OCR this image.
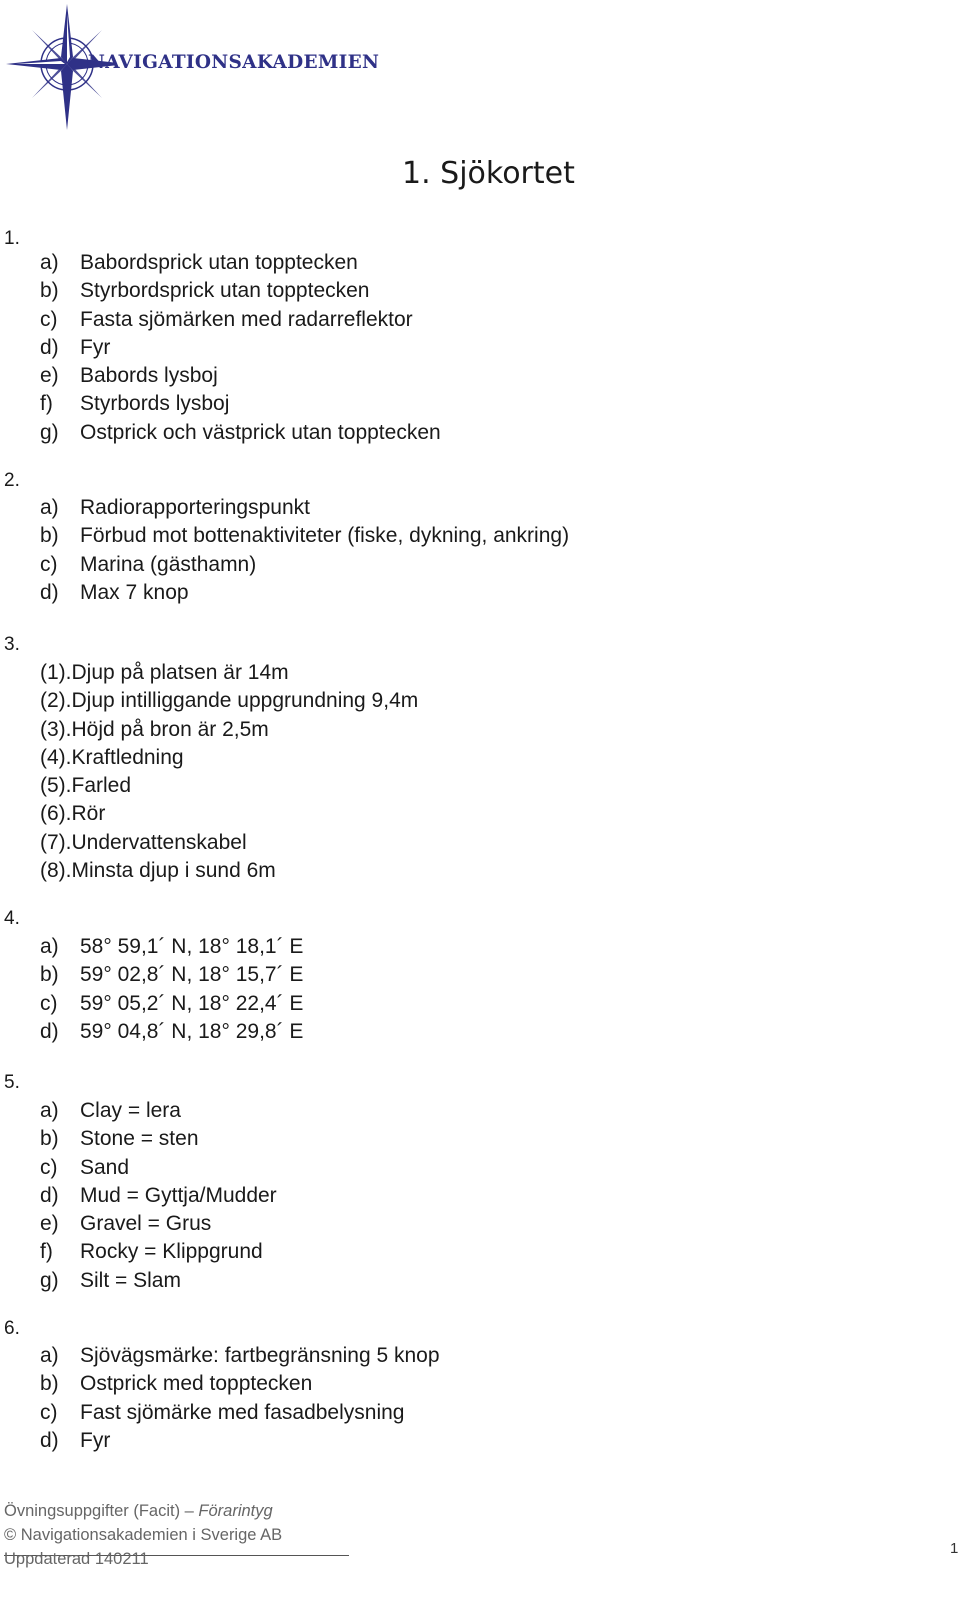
NAVIGATIONSAKADEMIEN
1. Sjökortet
1.
a) Babordsprick utan topptecken
b) Styrbordsprick utan topptecken
c) Fasta sjömärken med radarreflektor
d) Fyr
e) Babords lysboj
f) Styrbords lysboj
g) Ostprick och västprick utan topptecken
2.
a) Radiorapporteringspunkt
b) Förbud mot bottenaktiviteter (fiske, dykning, ankring)
c) Marina (gästhamn)
d) Max 7 knop
3.
(1).Djup på platsen är 14m
(2).Djup intilliggande uppgrundning 9,4m
(3).Höjd på bron är 2,5m
(4).Kraftledning
(5).Farled
(6).Rör
(7).Undervattenskabel
(8).Minsta djup i sund 6m
4.
a) 58° 59,1´ N, 18° 18,1´ E
b) 59° 02,8´ N, 18° 15,7´ E
c) 59° 05,2´ N, 18° 22,4´ E
d) 59° 04,8´ N, 18° 29,8´ E
5.
a) Clay = lera
b) Stone = sten
c) Sand
d) Mud = Gyttja/Mudder
e) Gravel = Grus
f) Rocky = Klippgrund
g) Silt = Slam
6.
a) Sjövägsmärke: fartbegränsning 5 knop
b) Ostprick med topptecken
c) Fast sjömärke med fasadbelysning
d) Fyr
Övningsuppgifter (Facit) – Förarintyg
© Navigationsakademien i Sverige AB
Uppdaterad 140211
1
